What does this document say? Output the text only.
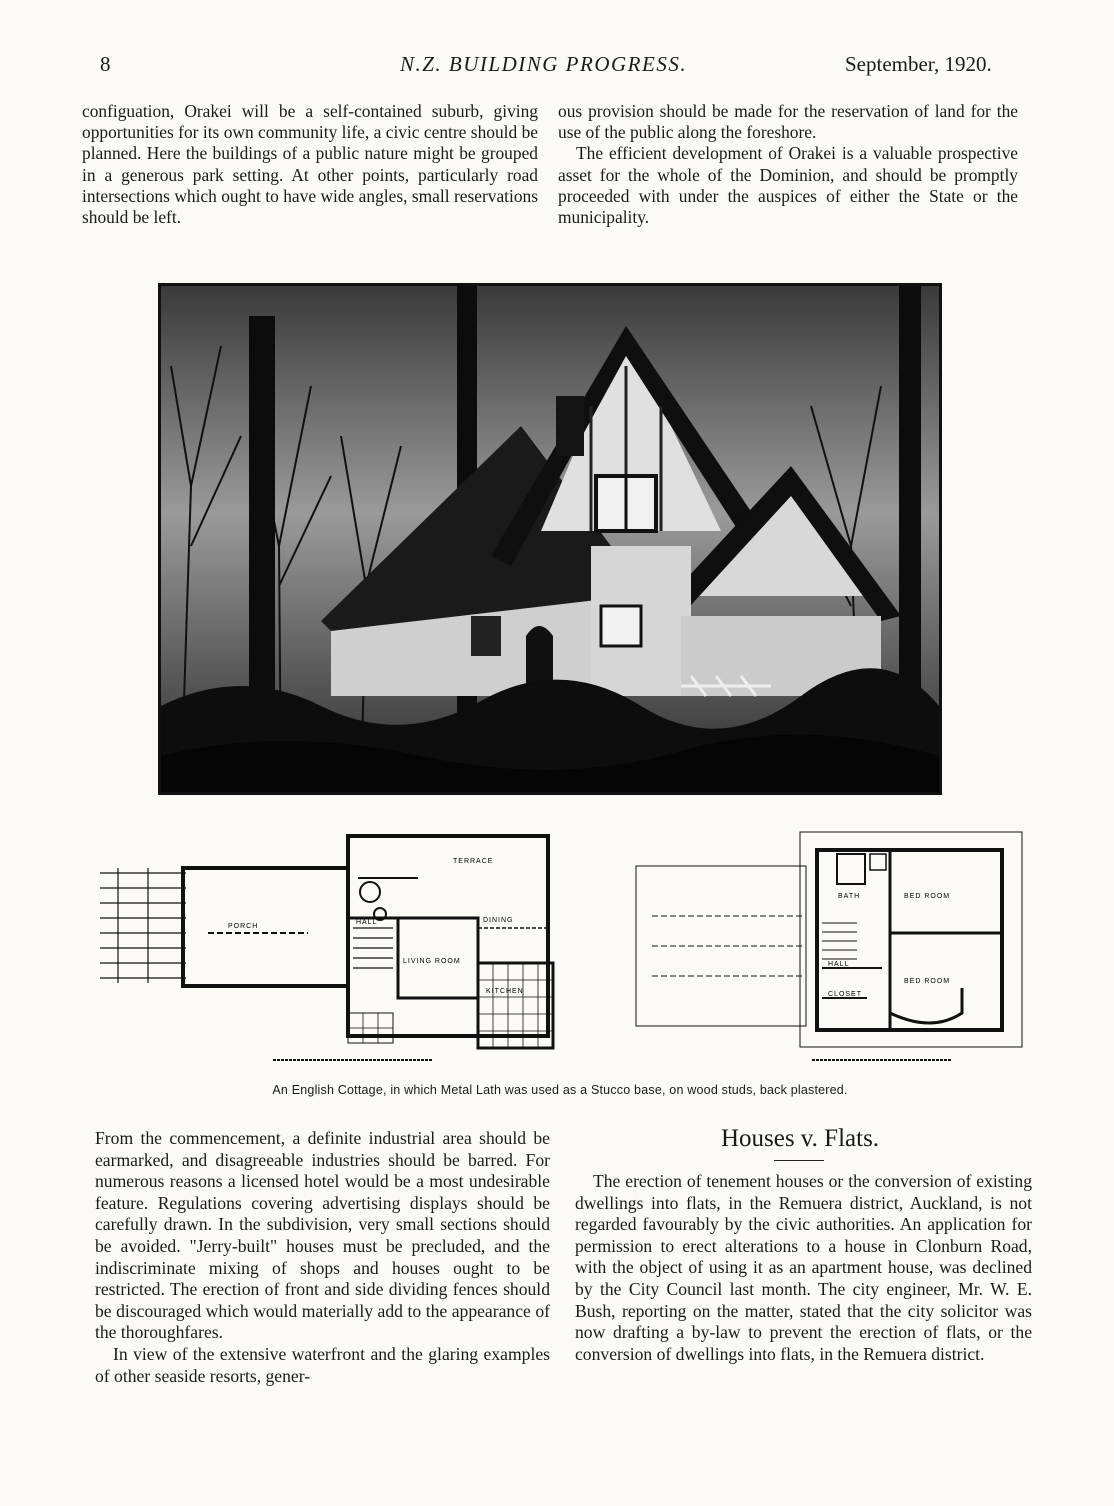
8	N.Z. BUILDING PROGRESS.	September, 1920.

configuation, Orakei will be a self-contained suburb, giving opportunities for its own community life, a civic centre should be planned. Here the buildings of a public nature might be grouped in a generous park setting. At other points, particularly road intersections which ought to have wide angles, small reservations should be left.

ous provision should be made for the reservation of land for the use of the public along the foreshore.

The efficient development of Orakei is a valuable prospective asset for the whole of the Dominion, and should be promptly proceeded with under the auspices of either the State or the municipality.

PORCH
TERRACE
LIVING ROOM
KITCHEN
DINING
HALL
BED ROOM
BED ROOM
BATH
HALL
CLOSET
An English Cottage, in which Metal Lath was used as a Stucco base, on wood studs, back plastered.

From the commencement, a definite industrial area should be earmarked, and disagreeable industries should be barred. For numerous reasons a licensed hotel would be a most undesirable feature. Regulations covering advertising displays should be carefully drawn. In the subdivision, very small sections should be avoided. "Jerry-built" houses must be precluded, and the indiscriminate mixing of shops and houses ought to be restricted. The erection of front and side dividing fences should be discouraged which would materially add to the appearance of the thoroughfares.

In view of the extensive waterfront and the glaring examples of other seaside resorts, gener-

Houses v. Flats.

The erection of tenement houses or the conversion of existing dwellings into flats, in the Remuera district, Auckland, is not regarded favourably by the civic authorities. An application for permission to erect alterations to a house in Clonburn Road, with the object of using it as an apartment house, was declined by the City Council last month. The city engineer, Mr. W. E. Bush, reporting on the matter, stated that the city solicitor was now drafting a by-law to prevent the erection of flats, or the conversion of dwellings into flats, in the Remuera district.
